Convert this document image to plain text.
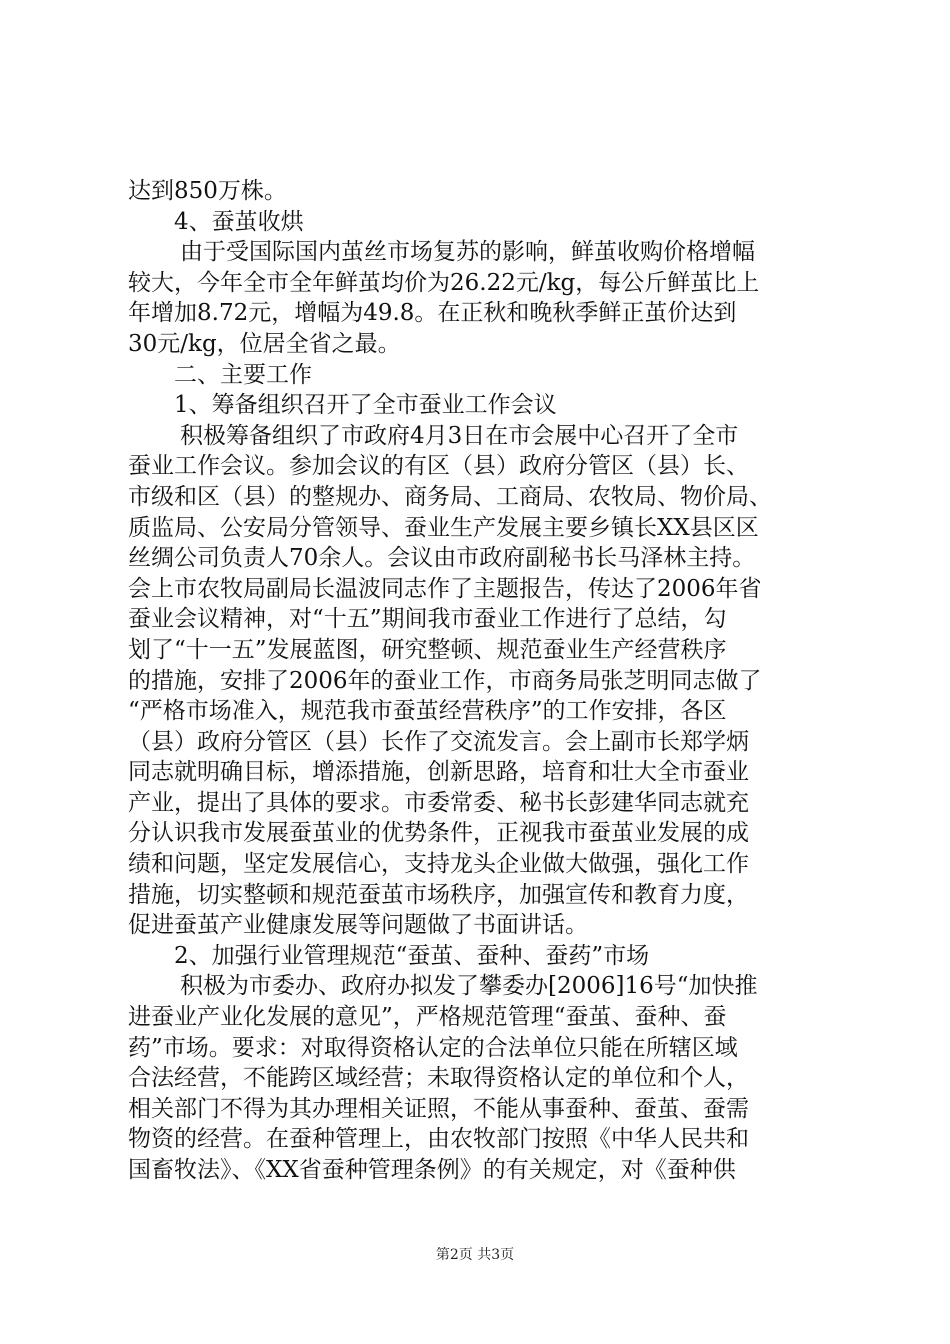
达到850万株。
4、蚕茧收烘
由于受国际国内茧丝市场复苏的影响，鲜茧收购价格增幅
较大，今年全市全年鲜茧均价为26.22元/kg，每公斤鲜茧比上
年增加8.72元，增幅为49.8。在正秋和晚秋季鲜正茧价达到
30元/kg，位居全省之最。
二、主要工作
1、筹备组织召开了全市蚕业工作会议
积极筹备组织了市政府4月3日在市会展中心召开了全市
蚕业工作会议。参加会议的有区（县）政府分管区（县）长、
市级和区（县）的整规办、商务局、工商局、农牧局、物价局、
质监局、公安局分管领导、蚕业生产发展主要乡镇长XX县区区
丝绸公司负责人70余人。会议由市政府副秘书长马泽林主持。
会上市农牧局副局长温波同志作了主题报告，传达了2006年省
蚕业会议精神，对“十五”期间我市蚕业工作进行了总结，勾
划了“十一五”发展蓝图，研究整顿、规范蚕业生产经营秩序
的措施，安排了2006年的蚕业工作，市商务局张芝明同志做了
“严格市场准入，规范我市蚕茧经营秩序”的工作安排，各区
（县）政府分管区（县）长作了交流发言。会上副市长郑学炳
同志就明确目标，增添措施，创新思路，培育和壮大全市蚕业
产业，提出了具体的要求。市委常委、秘书长彭建华同志就充
分认识我市发展蚕茧业的优势条件，正视我市蚕茧业发展的成
绩和问题，坚定发展信心，支持龙头企业做大做强，强化工作
措施，切实整顿和规范蚕茧市场秩序，加强宣传和教育力度，
促进蚕茧产业健康发展等问题做了书面讲话。
2、加强行业管理规范“蚕茧、蚕种、蚕药”市场
积极为市委办、政府办拟发了攀委办[2006]16号“加快推
进蚕业产业化发展的意见”，严格规范管理“蚕茧、蚕种、蚕
药”市场。要求：对取得资格认定的合法单位只能在所辖区域
合法经营，不能跨区域经营；未取得资格认定的单位和个人，
相关部门不得为其办理相关证照，不能从事蚕种、蚕茧、蚕需
物资的经营。在蚕种管理上，由农牧部门按照《中华人民共和
国畜牧法》、《XX省蚕种管理条例》的有关规定，对《蚕种供
第2页 共3页
